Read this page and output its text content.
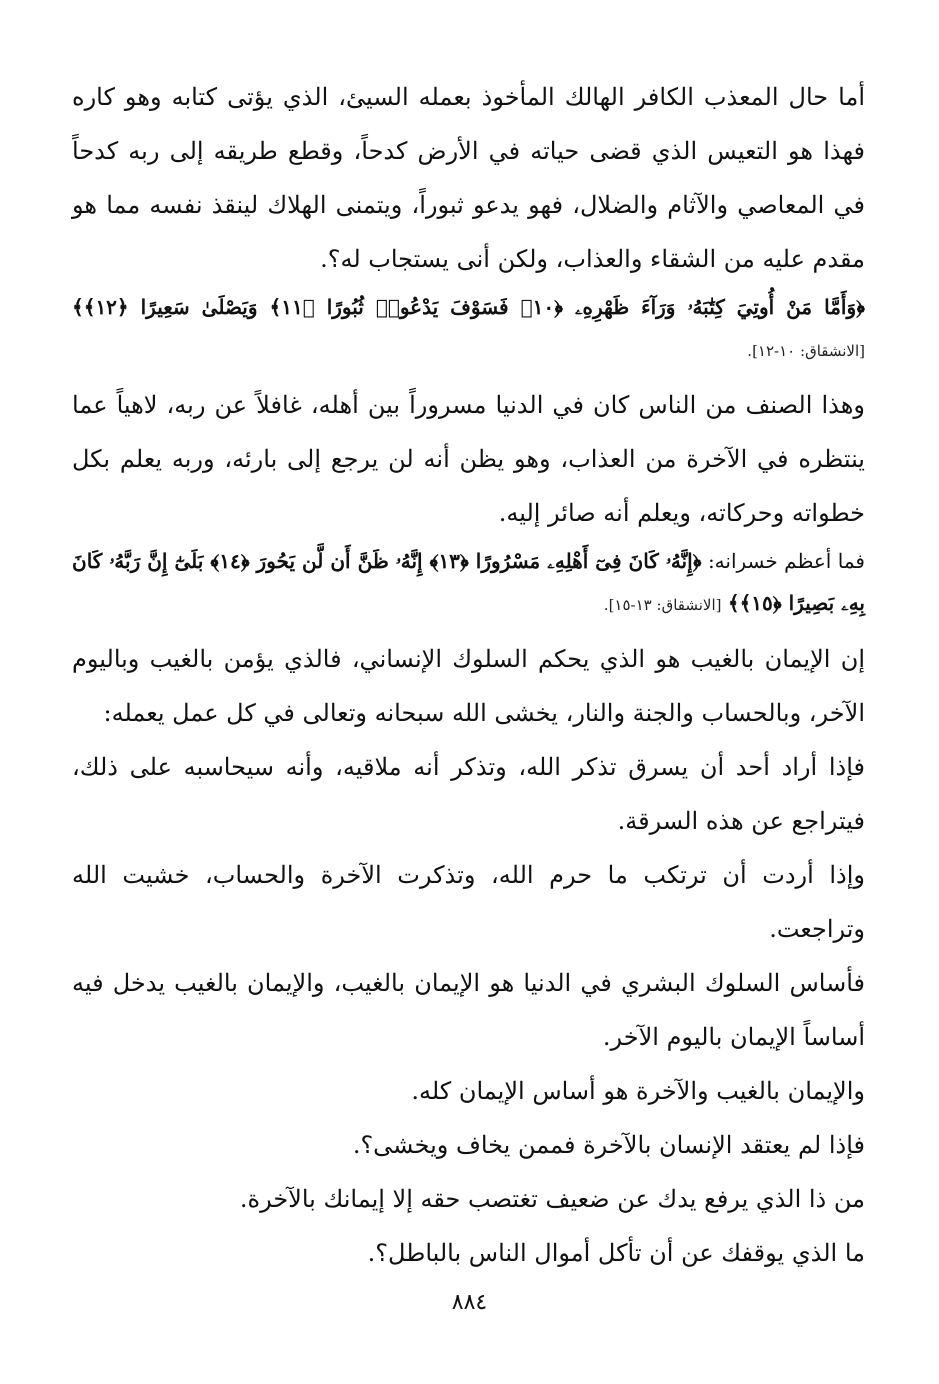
أما حال المعذب الكافر الهالك المأخوذ بعمله السيئ، الذي يؤتى كتابه وهو كاره فهذا هو التعيس الذي قضى حياته في الأرض كدحاً، وقطع طريقه إلى ربه كدحاً في المعاصي والآثام والضلال، فهو يدعو ثبوراً، ويتمنى الهلاك لينقذ نفسه مما هو مقدم عليه من الشقاء والعذاب، ولكن أنى يستجاب له؟.

﴿وَأَمَّا مَنْ أُوتِيَ كِتَٰبَهُۥ وَرَآءَ ظَهْرِهِۦ ﴿١٠﴾ فَسَوْفَ يَدْعُوا۟ ثُبُورًا ﴿١١﴾ وَيَصْلَىٰ سَعِيرًا ﴿١٢﴾﴾ [الانشقاق: ١٠-١٢].

وهذا الصنف من الناس كان في الدنيا مسروراً بين أهله، غافلاً عن ربه، لاهياً عما ينتظره في الآخرة من العذاب، وهو يظن أنه لن يرجع إلى بارئه، وربه يعلم بكل خطواته وحركاته، ويعلم أنه صائر إليه.

فما أعظم خسرانه: ﴿إِنَّهُۥ كَانَ فِىٓ أَهْلِهِۦ مَسْرُورًا ﴿١٣﴾ إِنَّهُۥ ظَنَّ أَن لَّن يَحُورَ ﴿١٤﴾ بَلَىٰٓ إِنَّ رَبَّهُۥ كَانَ بِهِۦ بَصِيرًا ﴿١٥﴾﴾ [الانشقاق: ١٣-١٥].

إن الإيمان بالغيب هو الذي يحكم السلوك الإنساني، فالذي يؤمن بالغيب وباليوم الآخر، وبالحساب والجنة والنار، يخشى الله سبحانه وتعالى في كل عمل يعمله:

فإذا أراد أحد أن يسرق تذكر الله، وتذكر أنه ملاقيه، وأنه سيحاسبه على ذلك، فيتراجع عن هذه السرقة.

وإذا أردت أن ترتكب ما حرم الله، وتذكرت الآخرة والحساب، خشيت الله وتراجعت.

فأساس السلوك البشري في الدنيا هو الإيمان بالغيب، والإيمان بالغيب يدخل فيه أساساً الإيمان باليوم الآخر.

والإيمان بالغيب والآخرة هو أساس الإيمان كله.

فإذا لم يعتقد الإنسان بالآخرة فممن يخاف ويخشى؟.

من ذا الذي يرفع يدك عن ضعيف تغتصب حقه إلا إيمانك بالآخرة.

ما الذي يوقفك عن أن تأكل أموال الناس بالباطل؟.

٨٨٤
